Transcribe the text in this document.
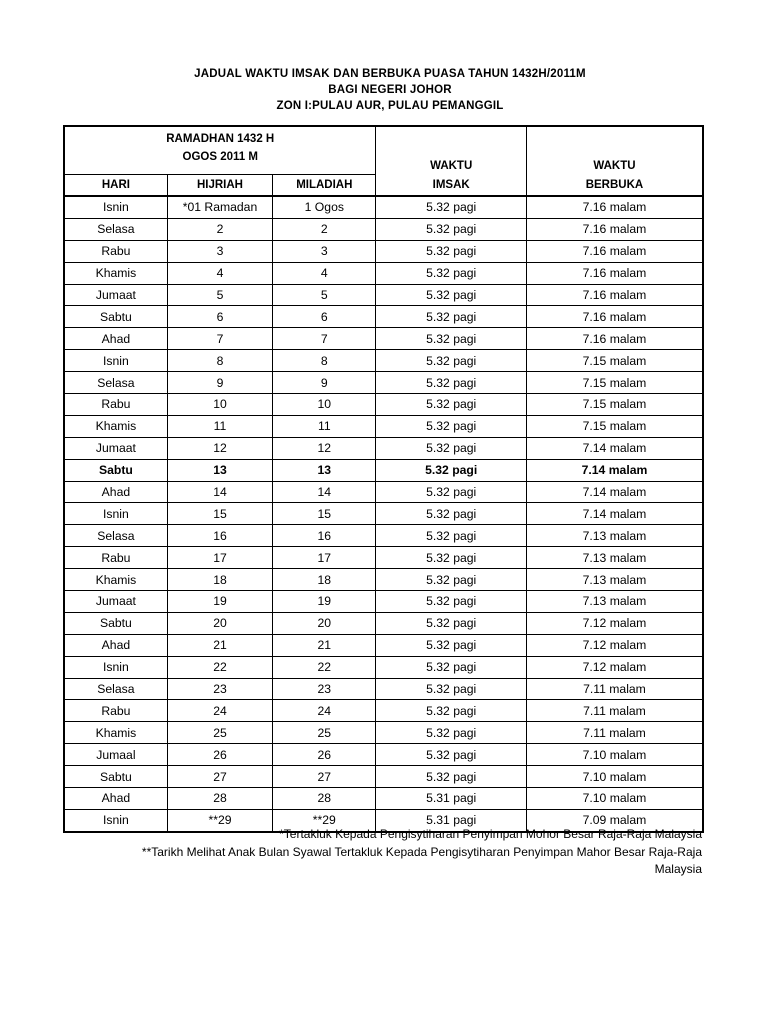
JADUAL WAKTU IMSAK DAN BERBUKA PUASA TAHUN 1432H/2011M
BAGI NEGERI JOHOR
ZON I:PULAU AUR, PULAU PEMANGGIL
RAMADHAN 1432 H
OGOS 2011 M			WAKTU	WAKTU
HARI	HIJRIAH	MILADIAH	IMSAK	BERBUKA
Isnin	*01 Ramadan	1 Ogos	5.32 pagi	7.16 malam
Selasa	2	2	5.32 pagi	7.16 malam
Rabu	3	3	5.32 pagi	7.16 malam
Khamis	4	4	5.32 pagi	7.16 malam
Jumaat	5	5	5.32 pagi	7.16 malam
Sabtu	6	6	5.32 pagi	7.16 malam
Ahad	7	7	5.32 pagi	7.16 malam
Isnin	8	8	5.32 pagi	7.15 malam
Selasa	9	9	5.32 pagi	7.15 malam
Rabu	10	10	5.32 pagi	7.15 malam
Khamis	11	11	5.32 pagi	7.15 malam
Jumaat	12	12	5.32 pagi	7.14 malam
Sabtu	13	13	5.32 pagi	7.14 malam
Ahad	14	14	5.32 pagi	7.14 malam
Isnin	15	15	5.32 pagi	7.14 malam
Selasa	16	16	5.32 pagi	7.13 malam
Rabu	17	17	5.32 pagi	7.13 malam
Khamis	18	18	5.32 pagi	7.13 malam
Jumaat	19	19	5.32 pagi	7.13 malam
Sabtu	20	20	5.32 pagi	7.12 malam
Ahad	21	21	5.32 pagi	7.12 malam
Isnin	22	22	5.32 pagi	7.12 malam
Selasa	23	23	5.32 pagi	7.11 malam
Rabu	24	24	5.32 pagi	7.11 malam
Khamis	25	25	5.32 pagi	7.11 malam
Jumaal	26	26	5.32 pagi	7.10 malam
Sabtu	27	27	5.32 pagi	7.10 malam
Ahad	28	28	5.31 pagi	7.10 malam
Isnin	**29	**29	5.31 pagi	7.09 malam
*Tertakluk Kepada Pengisytiharan Penyimpan Mohor Besar Raja-Raja Malaysia
**Tarikh Melihat Anak Bulan Syawal Tertakluk Kepada Pengisytiharan Penyimpan Mahor Besar Raja-Raja
Malaysia
